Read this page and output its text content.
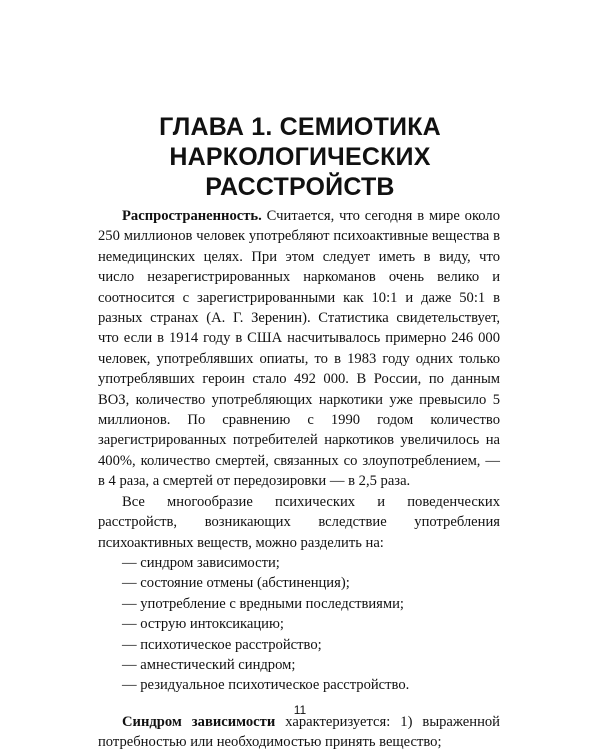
ГЛАВА 1. СЕМИОТИКА
НАРКОЛОГИЧЕСКИХ
РАССТРОЙСТВ

Распространенность. Считается, что сегодня в мире около 250 миллионов человек употребляют психоактивные вещества в немедицинских целях. При этом следует иметь в виду, что число незарегистрированных наркоманов очень велико и соотносится с зарегистрированными как 10:1 и даже 50:1 в разных странах (А. Г. Зеренин). Статистика свидетельствует, что если в 1914 году в США насчитывалось примерно 246 000 человек, употреблявших опиаты, то в 1983 году одних только употреблявших героин стало 492 000. В России, по данным ВОЗ, количество употребляющих наркотики уже превысило 5 миллионов. По сравнению с 1990 годом количество зарегистрированных потребителей наркотиков увеличилось на 400%, количество смертей, связанных со злоупотреблением, — в 4 раза, а смертей от передозировки — в 2,5 раза.

Все многообразие психических и поведенческих расстройств, возникающих вследствие употребления психоактивных веществ, можно разделить на:

— синдром зависимости;
— состояние отмены (абстиненция);
— употребление с вредными последствиями;
— острую интоксикацию;
— психотическое расстройство;
— амнестический синдром;
— резидуальное психотическое расстройство.

Синдром зависимости характеризуется: 1) выраженной потребностью или необходимостью принять вещество;

11
